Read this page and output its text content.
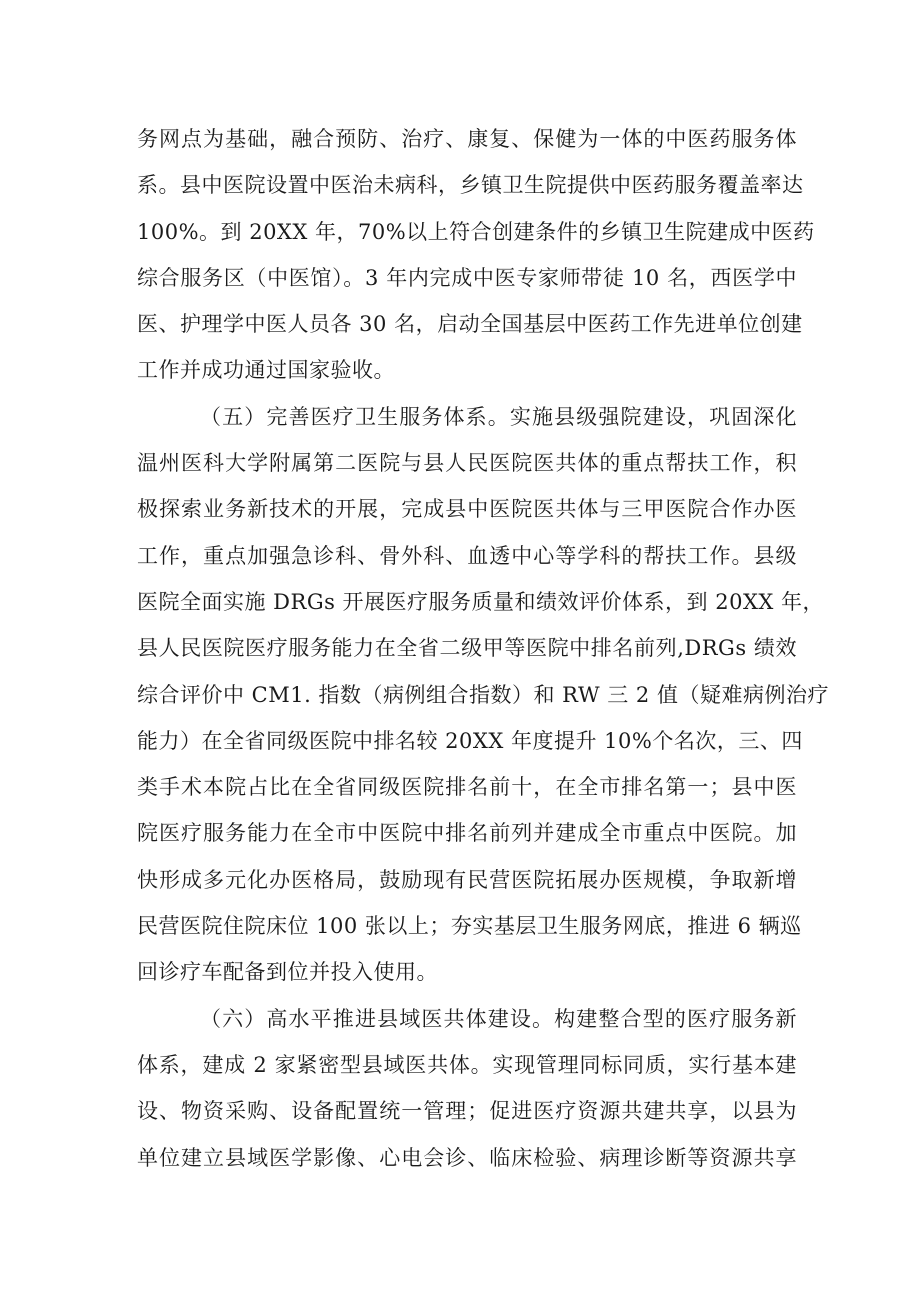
务网点为基础，融合预防、治疗、康复、保健为一体的中医药服务体
系。县中医院设置中医治未病科，乡镇卫生院提供中医药服务覆盖率达
100%。到 20XX 年，70%以上符合创建条件的乡镇卫生院建成中医药
综合服务区（中医馆）。3 年内完成中医专家师带徒 10 名，西医学中
医、护理学中医人员各 30 名，启动全国基层中医药工作先进单位创建
工作并成功通过国家验收。
（五）完善医疗卫生服务体系。实施县级强院建设，巩固深化
温州医科大学附属第二医院与县人民医院医共体的重点帮扶工作，积
极探索业务新技术的开展，完成县中医院医共体与三甲医院合作办医
工作，重点加强急诊科、骨外科、血透中心等学科的帮扶工作。县级
医院全面实施 DRGs 开展医疗服务质量和绩效评价体系，到 20XX 年，
县人民医院医疗服务能力在全省二级甲等医院中排名前列,DRGs 绩效
综合评价中 CM1. 指数（病例组合指数）和 RW 三 2 值（疑难病例治疗
能力）在全省同级医院中排名较 20XX 年度提升 10%个名次，三、四
类手术本院占比在全省同级医院排名前十，在全市排名第一；县中医
院医疗服务能力在全市中医院中排名前列并建成全市重点中医院。加
快形成多元化办医格局，鼓励现有民营医院拓展办医规模，争取新增
民营医院住院床位 100 张以上；夯实基层卫生服务网底，推进 6 辆巡
回诊疗车配备到位并投入使用。
（六）高水平推进县域医共体建设。构建整合型的医疗服务新
体系，建成 2 家紧密型县域医共体。实现管理同标同质，实行基本建
设、物资采购、设备配置统一管理；促进医疗资源共建共享，以县为
单位建立县域医学影像、心电会诊、临床检验、病理诊断等资源共享
